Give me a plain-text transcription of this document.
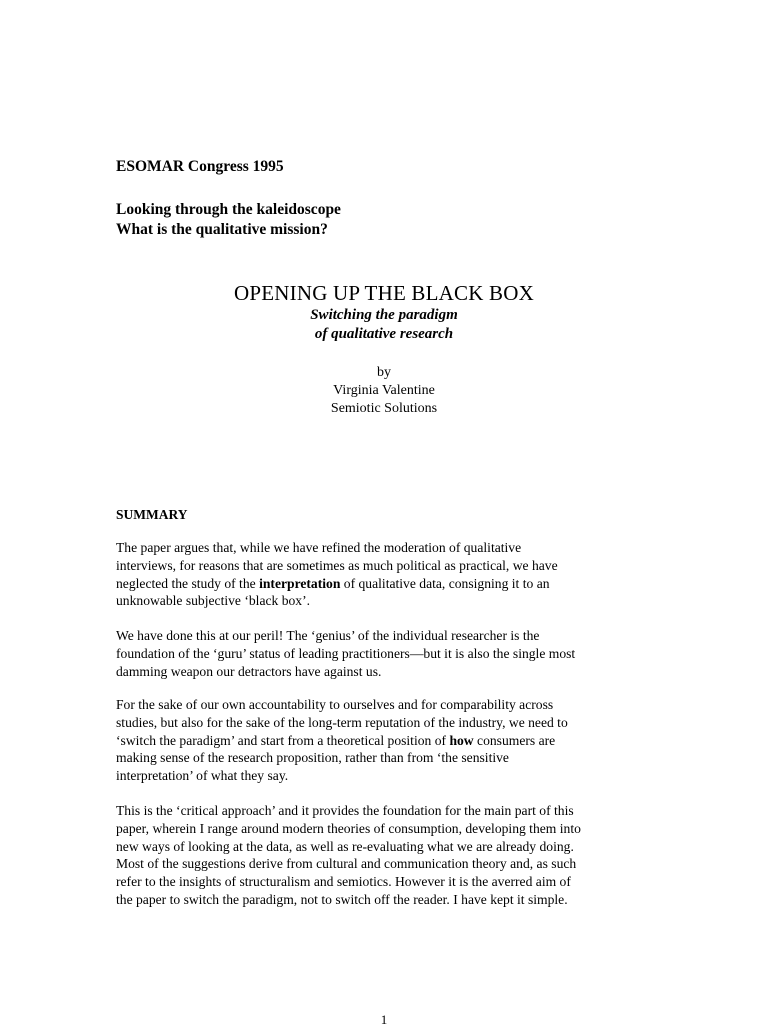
ESOMAR Congress 1995
Looking through the kaleidoscope
What is the qualitative mission?
OPENING UP THE BLACK BOX
Switching the paradigm
of qualitative research
by
Virginia Valentine
Semiotic Solutions
SUMMARY
The paper argues that, while we have refined the moderation of qualitative
interviews, for reasons that are sometimes as much political as practical, we have
neglected the study of the interpretation of qualitative data, consigning it to an
unknowable subjective ‘black box’.
We have done this at our peril! The ‘genius’ of the individual researcher is the
foundation of the ‘guru’ status of leading practitioners—but it is also the single most
damming weapon our detractors have against us.
For the sake of our own accountability to ourselves and for comparability across
studies, but also for the sake of the long-term reputation of the industry, we need to
‘switch the paradigm’ and start from a theoretical position of how consumers are
making sense of the research proposition, rather than from ‘the sensitive
interpretation’ of what they say.
This is the ‘critical approach’ and it provides the foundation for the main part of this
paper, wherein I range around modern theories of consumption, developing them into
new ways of looking at the data, as well as re-evaluating what we are already doing.
Most of the suggestions derive from cultural and communication theory and, as such
refer to the insights of structuralism and semiotics. However it is the averred aim of
the paper to switch the paradigm, not to switch off the reader. I have kept it simple.
1
